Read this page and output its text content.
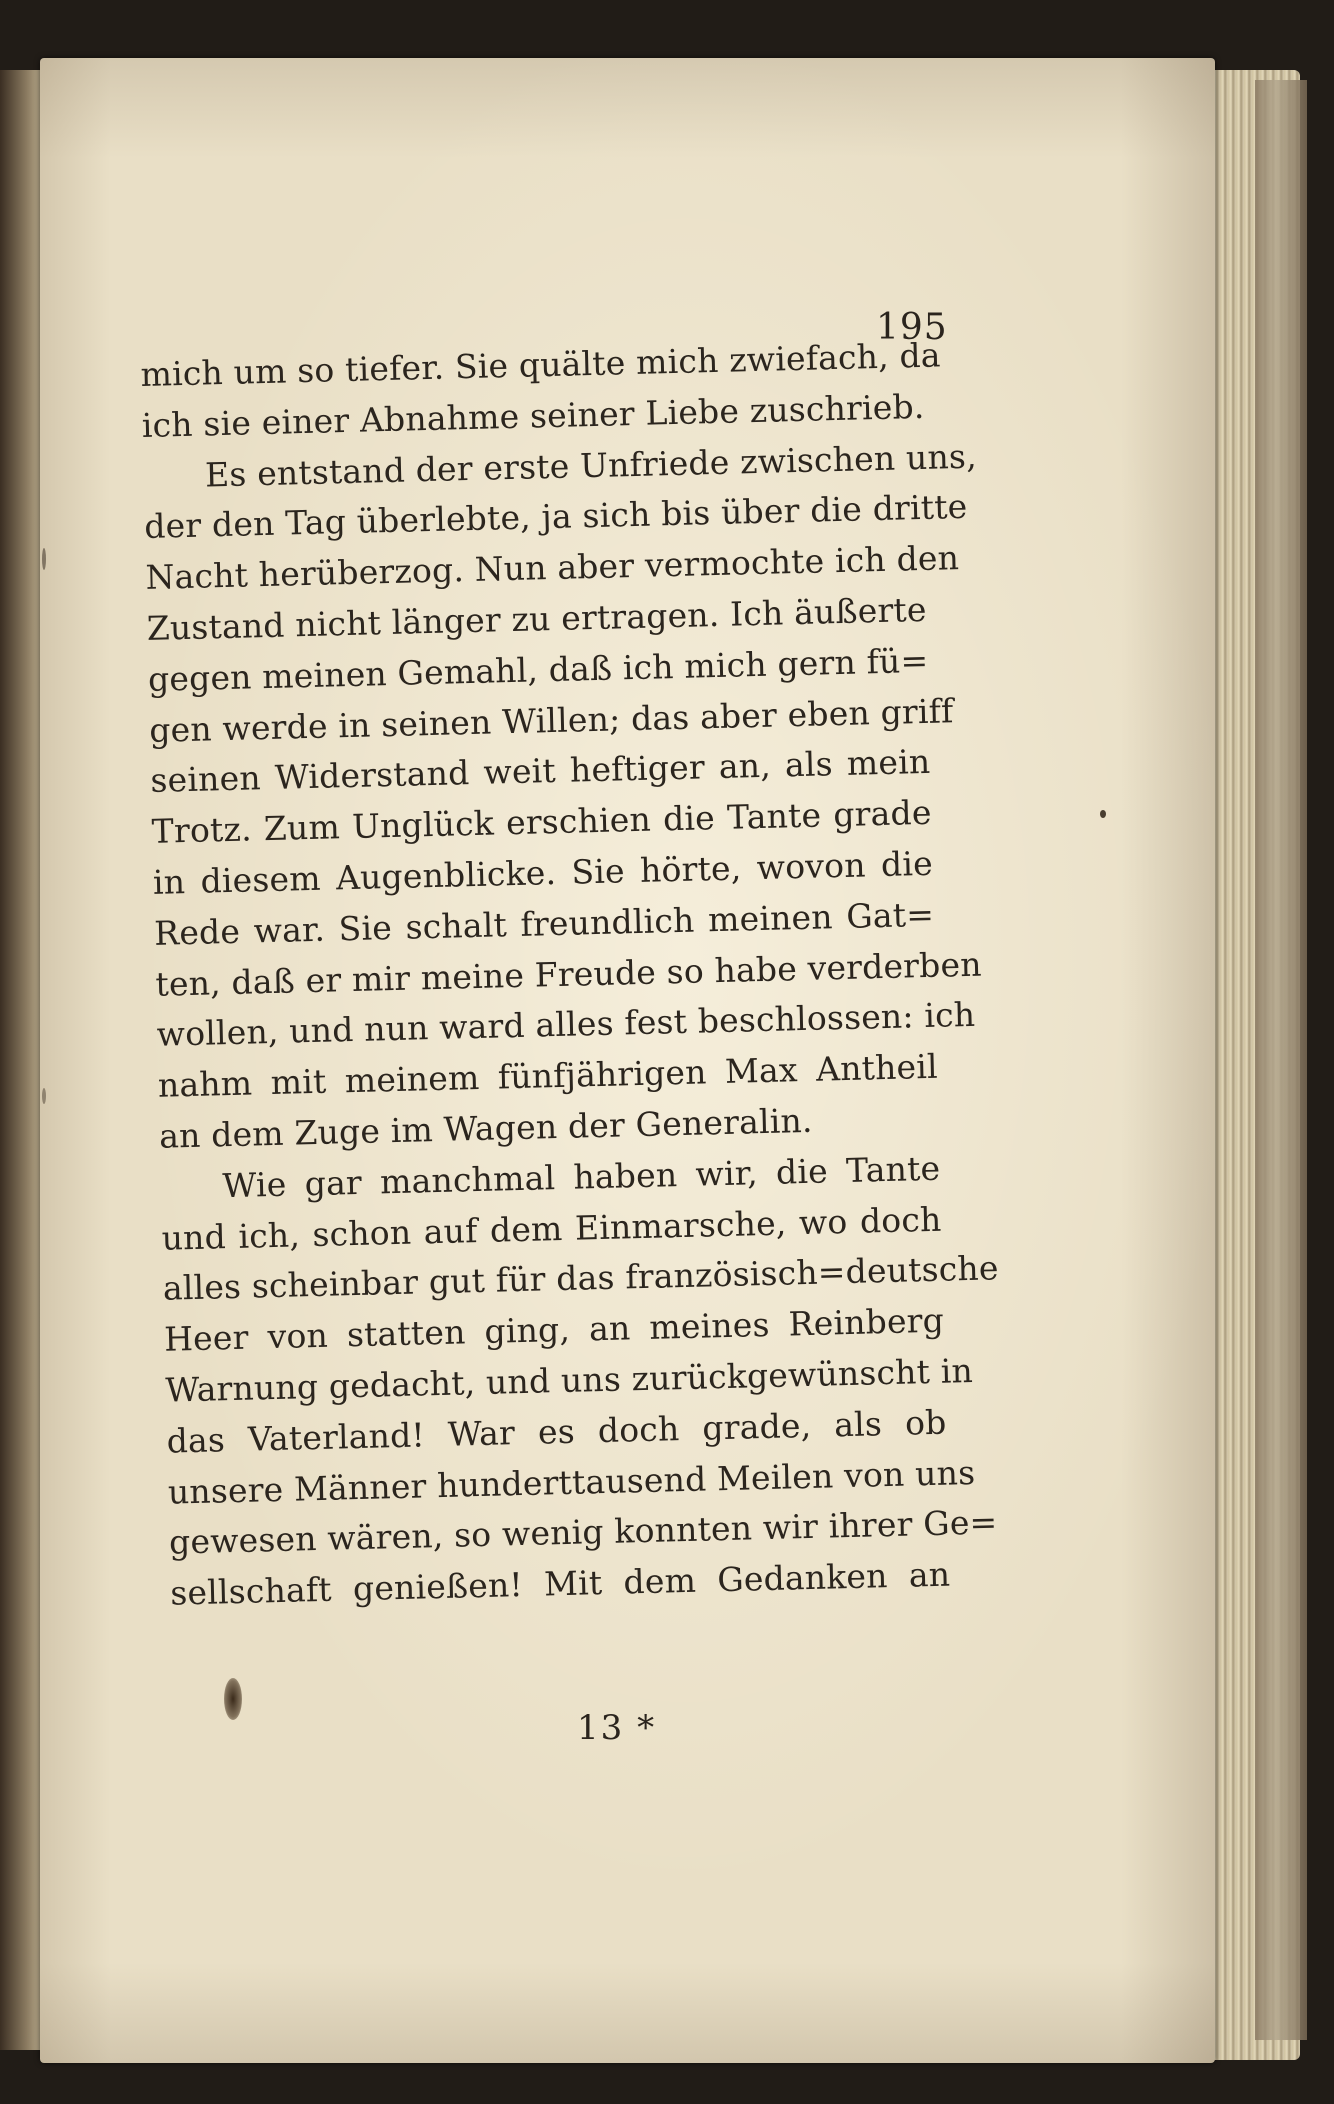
195
mich um so tiefer. Sie quälte mich zwiefach, da
ich sie einer Abnahme seiner Liebe zuschrieb.
Es entstand der erste Unfriede zwischen uns,
der den Tag überlebte, ja sich bis über die dritte
Nacht herüberzog. Nun aber vermochte ich den
Zustand nicht länger zu ertragen. Ich äußerte
gegen meinen Gemahl, daß ich mich gern fü=
gen werde in seinen Willen; das aber eben griff
seinen Widerstand weit heftiger an, als mein
Trotz. Zum Unglück erschien die Tante grade
in diesem Augenblicke. Sie hörte, wovon die
Rede war. Sie schalt freundlich meinen Gat=
ten, daß er mir meine Freude so habe verderben
wollen, und nun ward alles fest beschlossen: ich
nahm mit meinem fünfjährigen Max Antheil
an dem Zuge im Wagen der Generalin.
Wie gar manchmal haben wir, die Tante
und ich, schon auf dem Einmarsche, wo doch
alles scheinbar gut für das französisch=deutsche
Heer von statten ging, an meines Reinberg
Warnung gedacht, und uns zurückgewünscht in
das Vaterland! War es doch grade, als ob
unsere Männer hunderttausend Meilen von uns
gewesen wären, so wenig konnten wir ihrer Ge=
sellschaft genießen! Mit dem Gedanken an
13 *
